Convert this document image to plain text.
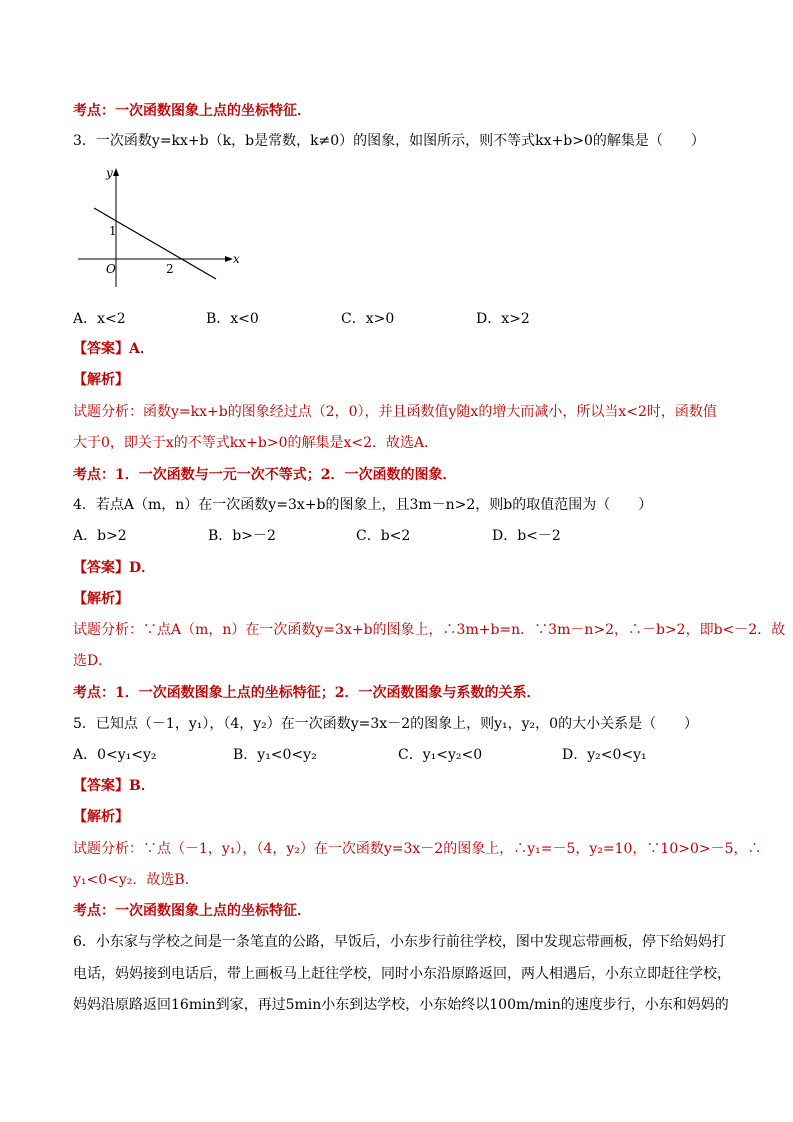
考点：一次函数图象上点的坐标特征．
3．一次函数y=kx+b（k，b是常数，k≠0）的图象，如图所示，则不等式kx+b>0的解集是（　　）
y
x
O
1
2
A．x<2	B．x<0	C．x>0	D．x>2
【答案】A．
【解析】
试题分析：函数y=kx+b的图象经过点（2，0），并且函数值y随x的增大而减小，所以当x<2时，函数值
大于0，即关于x的不等式kx+b>0的解集是x<2．故选A．
考点：1．一次函数与一元一次不等式；2．一次函数的图象．
4．若点A（m，n）在一次函数y=3x+b的图象上，且3m－n>2，则b的取值范围为（　　）
A．b>2	B．b>－2	C．b<2	D．b<－2
【答案】D．
【解析】
试题分析：∵点A（m，n）在一次函数y=3x+b的图象上，∴3m+b=n．∵3m－n>2，∴－b>2，即b<－2．故
选D．
考点：1．一次函数图象上点的坐标特征；2．一次函数图象与系数的关系．
5．已知点（－1，y₁），（4，y₂）在一次函数y=3x－2的图象上，则y₁，y₂，0的大小关系是（　　）
A．0<y₁<y₂	B．y₁<0<y₂	C．y₁<y₂<0	D．y₂<0<y₁
【答案】B．
【解析】
试题分析：∵点（－1，y₁），（4，y₂）在一次函数y=3x－2的图象上，∴y₁=－5，y₂=10，∵10>0>－5，∴
y₁<0<y₂．故选B．
考点：一次函数图象上点的坐标特征．
6．小东家与学校之间是一条笔直的公路，早饭后，小东步行前往学校，图中发现忘带画板，停下给妈妈打
电话，妈妈接到电话后，带上画板马上赶往学校，同时小东沿原路返回，两人相遇后，小东立即赶往学校，
妈妈沿原路返回16min到家，再过5min小东到达学校，小东始终以100m/min的速度步行，小东和妈妈的
